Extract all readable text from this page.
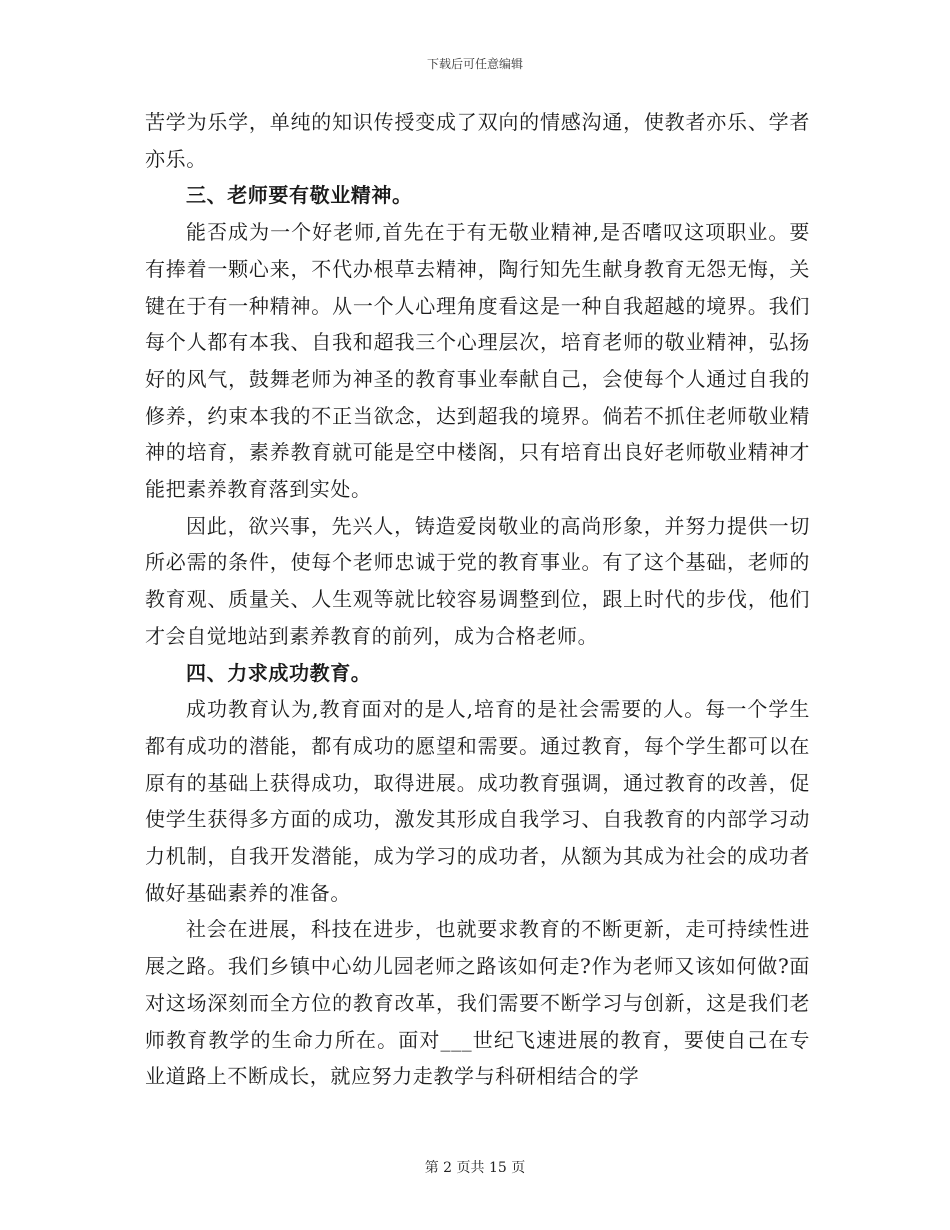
下载后可任意编辑

苦学为乐学，单纯的知识传授变成了双向的情感沟通，使教者亦乐、学者亦乐。

三、老师要有敬业精神。

能否成为一个好老师,首先在于有无敬业精神,是否嗜叹这项职业。要有捧着一颗心来，不代办根草去精神，陶行知先生献身教育无怨无悔，关键在于有一种精神。从一个人心理角度看这是一种自我超越的境界。我们每个人都有本我、自我和超我三个心理层次，培育老师的敬业精神，弘扬好的风气，鼓舞老师为神圣的教育事业奉献自己，会使每个人通过自我的修养，约束本我的不正当欲念，达到超我的境界。倘若不抓住老师敬业精神的培育，素养教育就可能是空中楼阁，只有培育出良好老师敬业精神才能把素养教育落到实处。

因此，欲兴事，先兴人，铸造爱岗敬业的高尚形象，并努力提供一切所必需的条件，使每个老师忠诚于党的教育事业。有了这个基础，老师的教育观、质量关、人生观等就比较容易调整到位，跟上时代的步伐，他们才会自觉地站到素养教育的前列，成为合格老师。

四、力求成功教育。

成功教育认为,教育面对的是人,培育的是社会需要的人。每一个学生都有成功的潜能，都有成功的愿望和需要。通过教育，每个学生都可以在原有的基础上获得成功，取得进展。成功教育强调，通过教育的改善，促使学生获得多方面的成功，激发其形成自我学习、自我教育的内部学习动力机制，自我开发潜能，成为学习的成功者，从额为其成为社会的成功者做好基础素养的准备。

社会在进展，科技在进步，也就要求教育的不断更新，走可持续性进展之路。我们乡镇中心幼儿园老师之路该如何走?作为老师又该如何做?面对这场深刻而全方位的教育改革，我们需要不断学习与创新，这是我们老师教育教学的生命力所在。面对___世纪飞速进展的教育，要使自己在专业道路上不断成长，就应努力走教学与科研相结合的学

第 2 页共 15 页
